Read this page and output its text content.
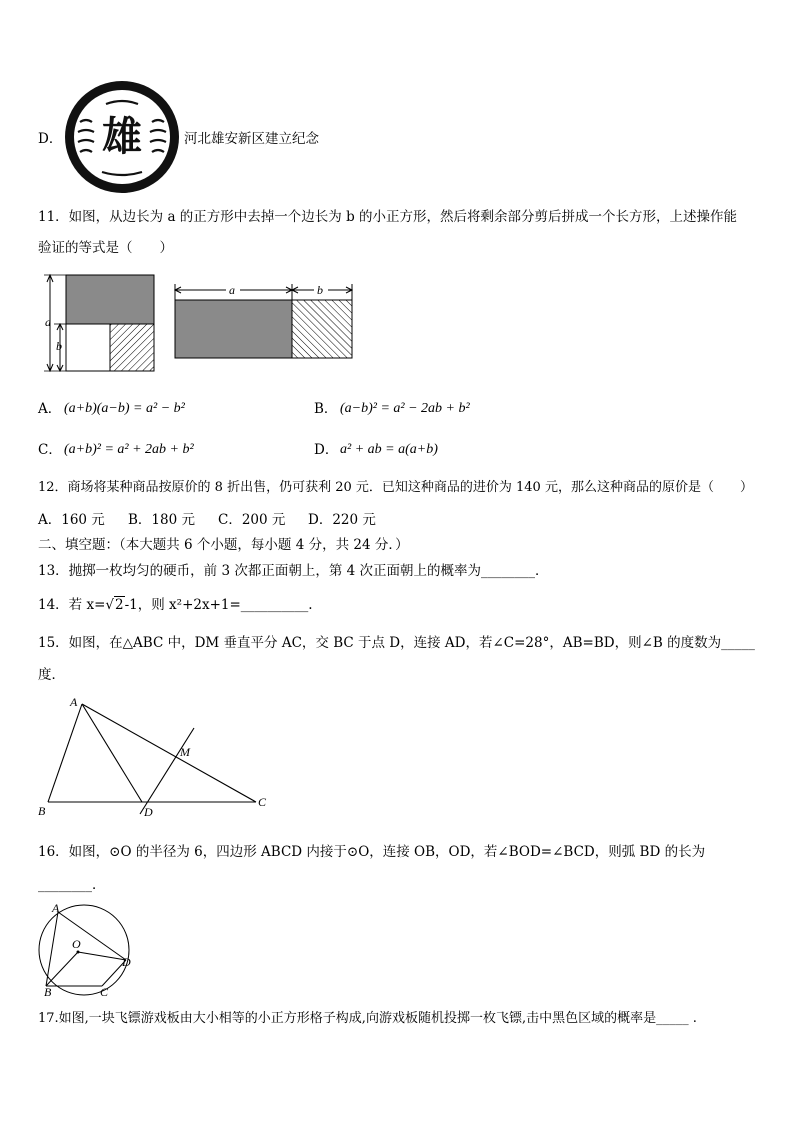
D． 雄	河北雄安新区建立纪念
11．如图，从边长为 a 的正方形中去掉一个边长为 b 的小正方形，然后将剩余部分剪后拼成一个长方形，上述操作能
验证的等式是（　　）
a
b
a	b
A． (a+b)(a−b) = a² − b²	B． (a−b)² = a² − 2ab + b²
C． (a+b)² = a² + 2ab + b²	D． a² + ab = a(a+b)
12．商场将某种商品按原价的 8 折出售，仍可获利 20 元．已知这种商品的进价为 140 元，那么这种商品的原价是（　　）
A．160 元 B．180 元 C．200 元 D．220 元
二、填空题：（本大题共 6 个小题，每小题 4 分，共 24 分．）
13．抛掷一枚均匀的硬币，前 3 次都正面朝上，第 4 次正面朝上的概率为________．
14．若 x=√2-1，则 x²+2x+1=__________.
15．如图，在△ABC 中，DM 垂直平分 AC，交 BC 于点 D，连接 AD，若∠C=28°，AB=BD，则∠B 的度数为_____
度．
A
B
C
D
M
16．如图，⊙O 的半径为 6，四边形 ABCD 内接于⊙O，连接 OB，OD，若∠BOD=∠BCD，则弧 BD 的长为
________．
A
B	C
D
O
17.如图,一块飞镖游戏板由大小相等的小正方形格子构成,向游戏板随机投掷一枚飞镖,击中黑色区域的概率是_____ .
